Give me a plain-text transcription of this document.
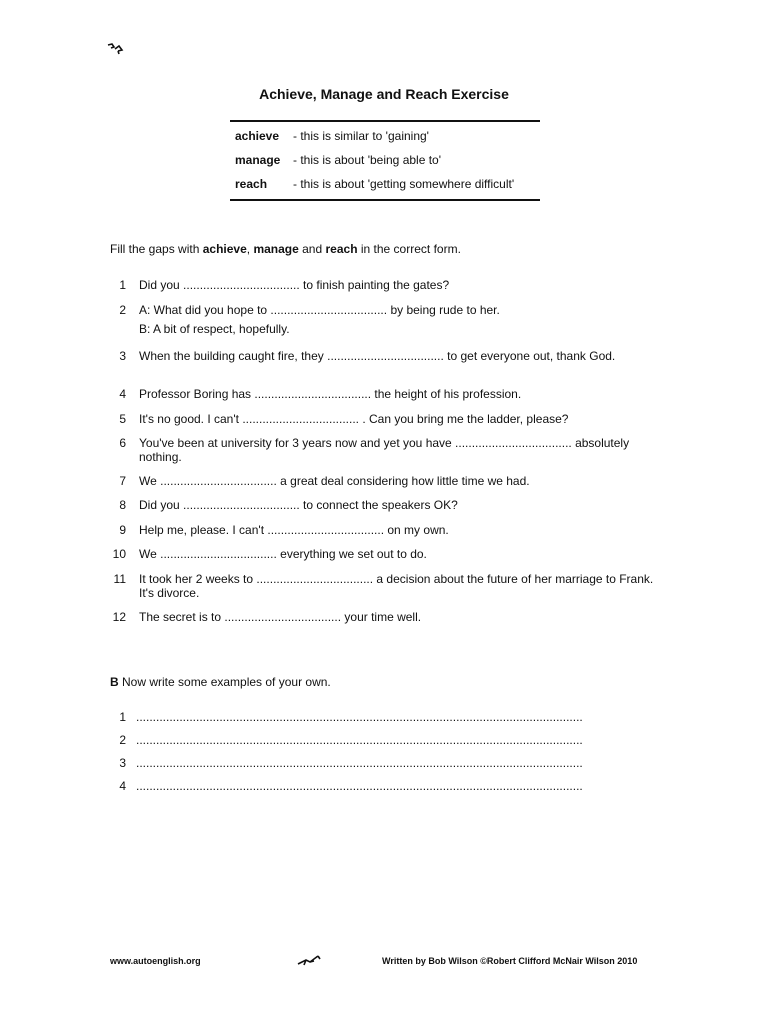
Achieve, Manage and Reach Exercise
achieve	- this is similar to 'gaining'
manage	- this is about 'being able to'
reach	- this is about 'getting somewhere difficult'
Fill the gaps with achieve, manage and reach in the correct form.
1 Did you ................................... to finish painting the gates?
2 A: What did you hope to ................................... by being rude to her.
B: A bit of respect, hopefully.
3 When the building caught fire, they ................................... to get everyone out, thank God.
4 Professor Boring has ................................... the height of his profession.
5 It's no good. I can't ................................... . Can you bring me the ladder, please?
6 You've been at university for 3 years now and yet you have ................................... absolutely nothing.
7 We ................................... a great deal considering how little time we had.
8 Did you ................................... to connect the speakers OK?
9 Help me, please. I can't ................................... on my own.
10 We ................................... everything we set out to do.
11 It took her 2 weeks to ................................... a decision about the future of her marriage to Frank. It's divorce.
12 The secret is to ................................... your time well.
B Now write some examples of your own.
1 ......................................................................................................................................
2 ......................................................................................................................................
3 ......................................................................................................................................
4 ......................................................................................................................................
www.autoenglish.org	Written by Bob Wilson ©Robert Clifford McNair Wilson 2010
